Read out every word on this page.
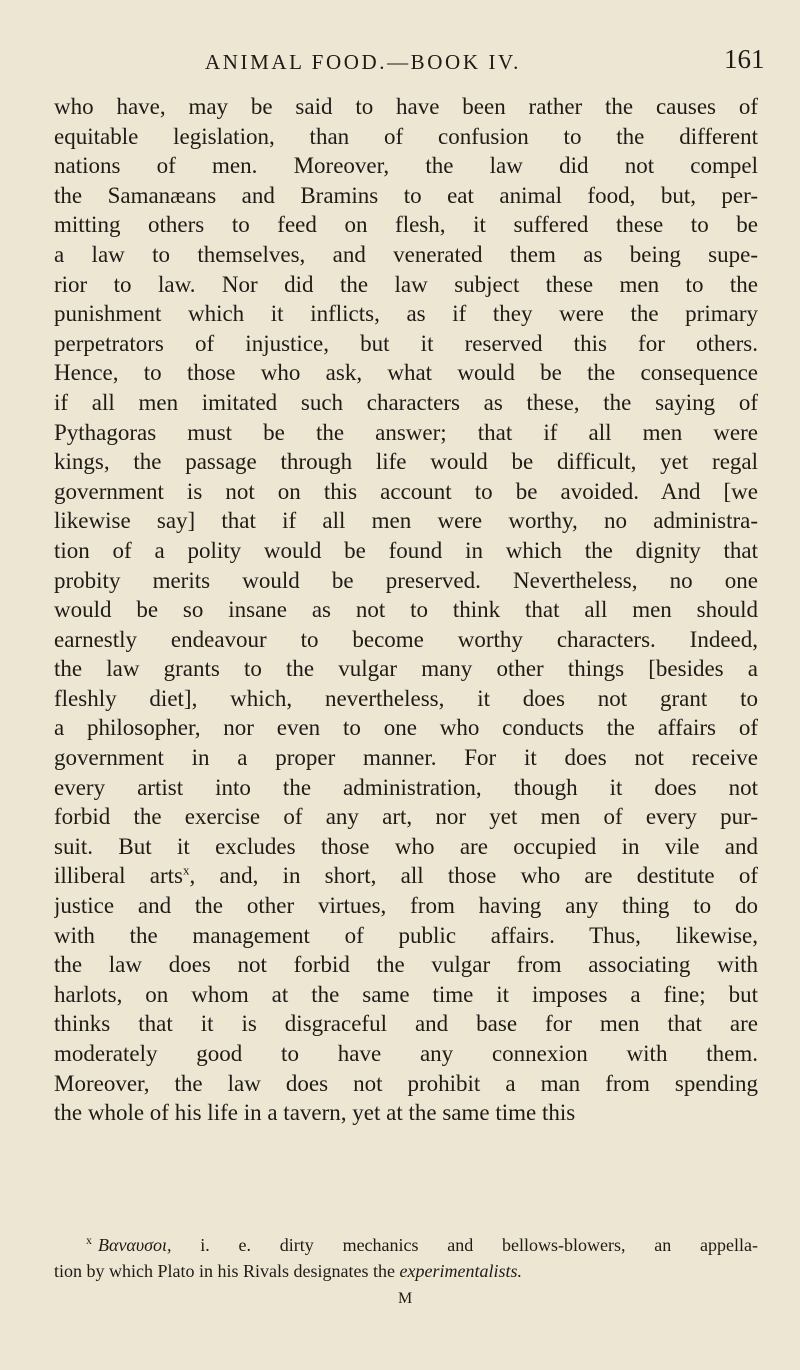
ANIMAL FOOD.—BOOK IV.	161
who have, may be said to have been rather the causes of
equitable legislation, than of confusion to the different
nations of men. Moreover, the law did not compel
the Samanæans and Bramins to eat animal food, but, per-
mitting others to feed on flesh, it suffered these to be
a law to themselves, and venerated them as being supe-
rior to law. Nor did the law subject these men to the
punishment which it inflicts, as if they were the primary
perpetrators of injustice, but it reserved this for others.
Hence, to those who ask, what would be the consequence
if all men imitated such characters as these, the saying of
Pythagoras must be the answer; that if all men were
kings, the passage through life would be difficult, yet regal
government is not on this account to be avoided. And [we
likewise say] that if all men were worthy, no administra-
tion of a polity would be found in which the dignity that
probity merits would be preserved. Nevertheless, no one
would be so insane as not to think that all men should
earnestly endeavour to become worthy characters. Indeed,
the law grants to the vulgar many other things [besides a
fleshly diet], which, nevertheless, it does not grant to
a philosopher, nor even to one who conducts the affairs of
government in a proper manner. For it does not receive
every artist into the administration, though it does not
forbid the exercise of any art, nor yet men of every pur-
suit. But it excludes those who are occupied in vile and
illiberal arts$^x$, and, in short, all those who are destitute of
justice and the other virtues, from having any thing to do
with the management of public affairs. Thus, likewise,
the law does not forbid the vulgar from associating with
harlots, on whom at the same time it imposes a fine; but
thinks that it is disgraceful and base for men that are
moderately good to have any connexion with them.
Moreover, the law does not prohibit a man from spending
the whole of his life in a tavern, yet at the same time this
$^x$ Βαναυσοι, i. e. dirty mechanics and bellows-blowers, an appella-
tion by which Plato in his Rivals designates the experimentalists.
M
